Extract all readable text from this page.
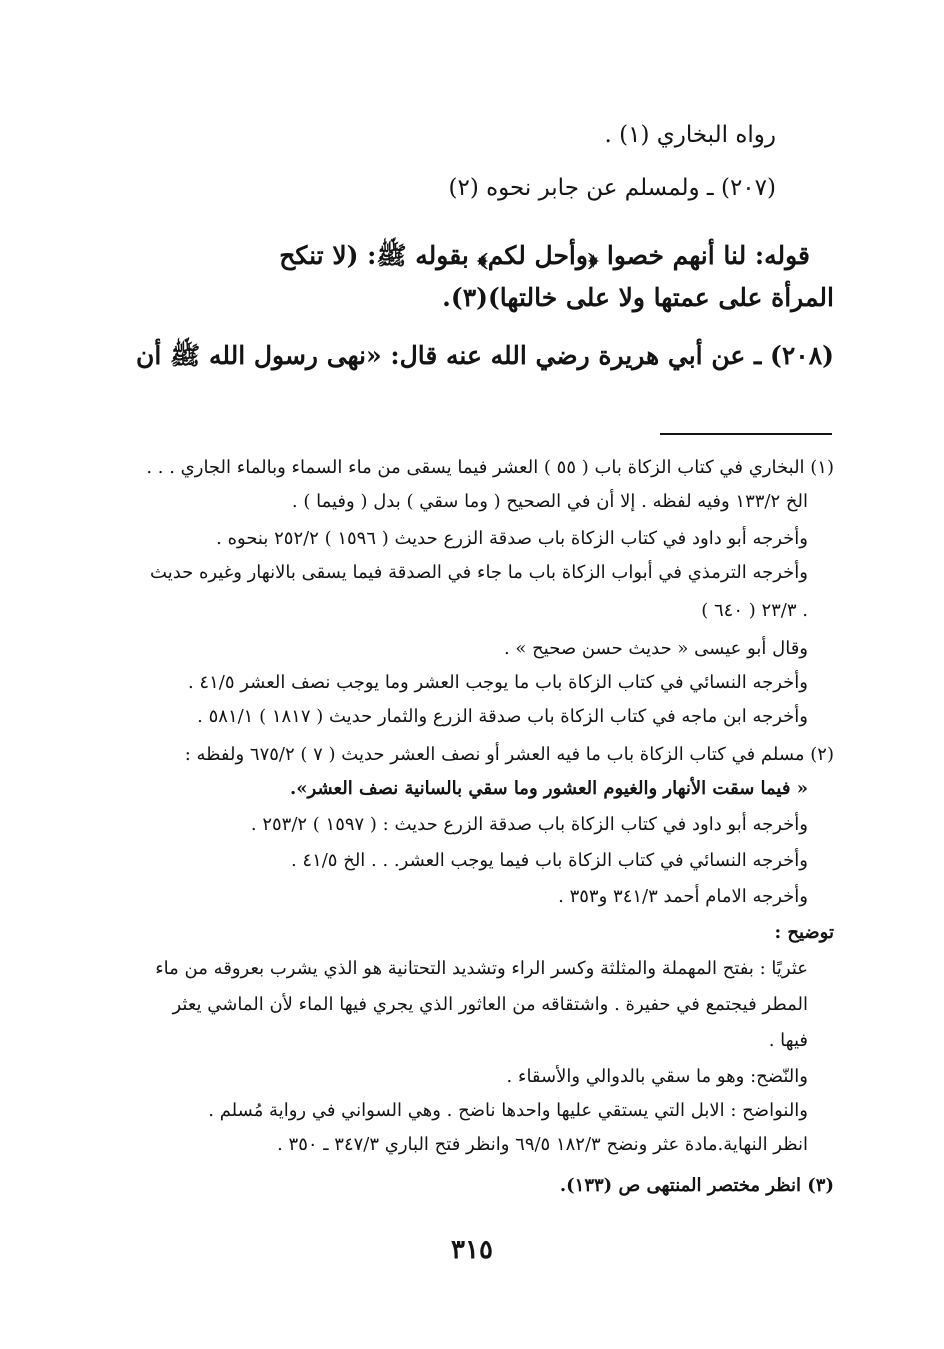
رواه البخاري (١) .
(٢٠٧) ـ ولمسلم عن جابر نحوه (٢)
قوله: لنا أنهم خصوا ﴿وأحل لكم﴾ بقوله ﷺ: (لا تنكح
المرأة على عمتها ولا على خالتها)(٣).
(٢٠٨) ـ عن أبي هريرة رضي الله عنه قال: «نهى رسول الله ﷺ أن
(١) البخاري في كتاب الزكاة باب ( ٥٥ ) العشر فيما يسقى من ماء السماء وبالماء الجاري . . .
الخ ١٣٣/٢ وفيه لفظه . إلا أن في الصحيح ( وما سقي ) بدل ( وفيما ) .
وأخرجه أبو داود في كتاب الزكاة باب صدقة الزرع حديث ( ١٥٩٦ ) ٢٥٢/٢ بنحوه .
وأخرجه الترمذي في أبواب الزكاة باب ما جاء في الصدقة فيما يسقى بالانهار وغيره حديث
( ٦٤٠ ) ٢٣/٣ .
وقال أبو عيسى « حديث حسن صحيح » .
وأخرجه النسائي في كتاب الزكاة باب ما يوجب العشر وما يوجب نصف العشر ٤١/٥ .
وأخرجه ابن ماجه في كتاب الزكاة باب صدقة الزرع والثمار حديث ( ١٨١٧ ) ٥٨١/١ .
(٢) مسلم في كتاب الزكاة باب ما فيه العشر أو نصف العشر حديث ( ٧ ) ٦٧٥/٢ ولفظه :
« فيما سقت الأنهار والغيوم العشور وما سقي بالسانية نصف العشر».
وأخرجه أبو داود في كتاب الزكاة باب صدقة الزرع حديث : ( ١٥٩٧ ) ٢٥٣/٢ .
وأخرجه النسائي في كتاب الزكاة باب فيما يوجب العشر. . . الخ ٤١/٥ .
وأخرجه الامام أحمد ٣٤١/٣ و٣٥٣ .
توضيح :
عثريًا : بفتح المهملة والمثلثة وكسر الراء وتشديد التحتانية هو الذي يشرب بعروقه من ماء
المطر فيجتمع في حفيرة . واشتقاقه من العاثور الذي يجري فيها الماء لأن الماشي يعثر
فيها .
والنّضح: وهو ما سقي بالدوالي والأسقاء .
والنواضح : الابل التي يستقي عليها واحدها ناضح . وهي السواني في رواية مُسلم .
انظر النهاية.مادة عثر ونضح ١٨٢/٣ ٦٩/٥ وانظر فتح الباري ٣٤٧/٣ ـ ٣٥٠ .
(٣) انظر مختصر المنتهى ص (١٣٣).
٣١٥
